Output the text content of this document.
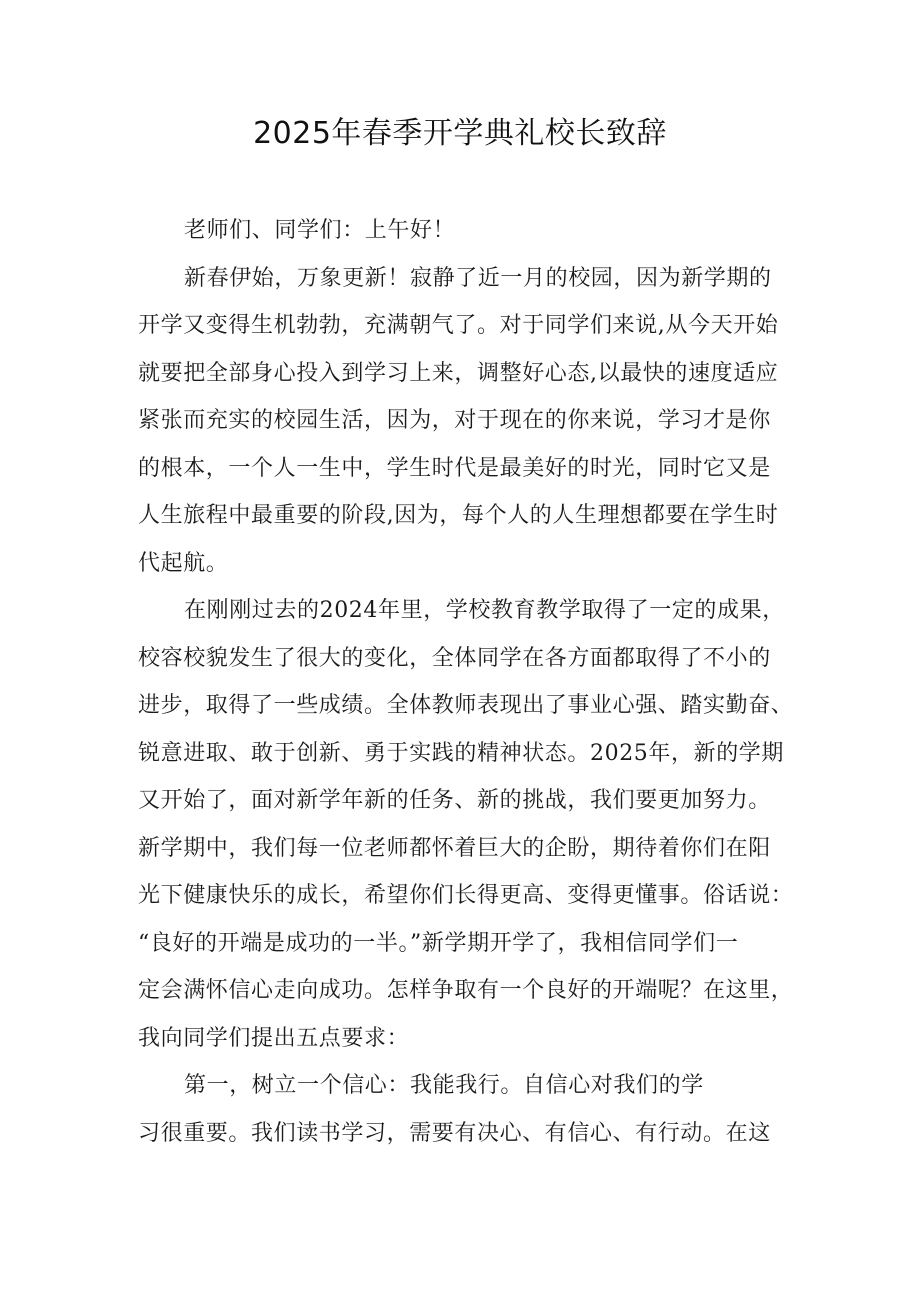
2025年春季开学典礼校长致辞
老师们、同学们：上午好！
新春伊始，万象更新！寂静了近一月的校园，因为新学期的
开学又变得生机勃勃，充满朝气了。对于同学们来说,从今天开始
就要把全部身心投入到学习上来，调整好心态,以最快的速度适应
紧张而充实的校园生活，因为，对于现在的你来说，学习才是你
的根本，一个人一生中，学生时代是最美好的时光，同时它又是
人生旅程中最重要的阶段,因为，每个人的人生理想都要在学生时
代起航。
在刚刚过去的2024年里，学校教育教学取得了一定的成果，
校容校貌发生了很大的变化，全体同学在各方面都取得了不小的
进步，取得了一些成绩。全体教师表现出了事业心强、踏实勤奋、
锐意进取、敢于创新、勇于实践的精神状态。2025年，新的学期
又开始了，面对新学年新的任务、新的挑战，我们要更加努力。
新学期中，我们每一位老师都怀着巨大的企盼，期待着你们在阳
光下健康快乐的成长，希望你们长得更高、变得更懂事。俗话说：
“良好的开端是成功的一半。”新学期开学了，我相信同学们一
定会满怀信心走向成功。怎样争取有一个良好的开端呢？在这里，
我向同学们提出五点要求：
第一，树立一个信心：我能我行。自信心对我们的学
习很重要。我们读书学习，需要有决心、有信心、有行动。在这
